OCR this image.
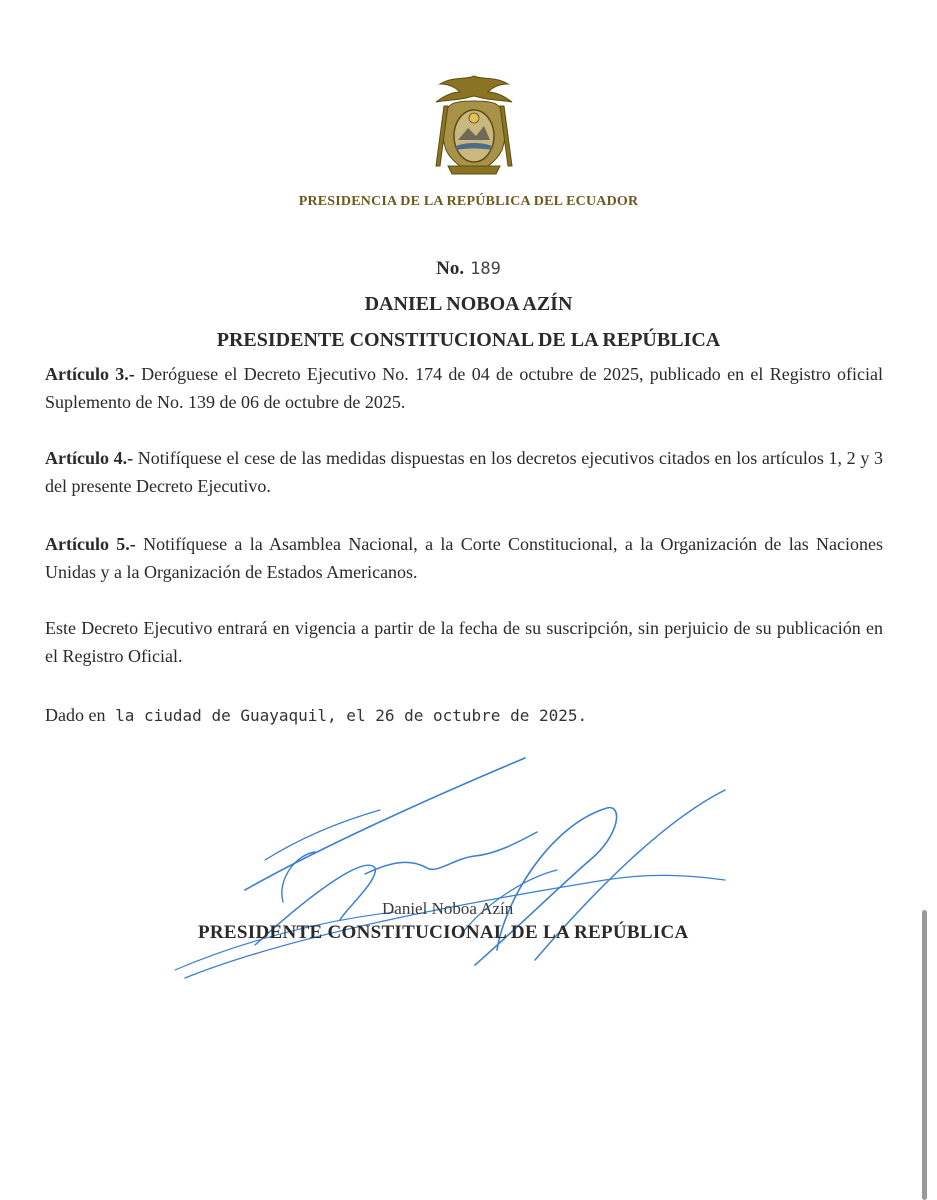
PRESIDENCIA DE LA REPÚBLICA DEL ECUADOR
No. 189
DANIEL NOBOA AZÍN
PRESIDENTE CONSTITUCIONAL DE LA REPÚBLICA
Artículo 3.- Deróguese el Decreto Ejecutivo No. 174 de 04 de octubre de 2025, publicado en el Registro oficial Suplemento de No. 139 de 06 de octubre de 2025.
Artículo 4.- Notifíquese el cese de las medidas dispuestas en los decretos ejecutivos citados en los artículos 1, 2 y 3 del presente Decreto Ejecutivo.
Artículo 5.- Notifíquese a la Asamblea Nacional, a la Corte Constitucional, a la Organización de las Naciones Unidas y a la Organización de Estados Americanos.
Este Decreto Ejecutivo entrará en vigencia a partir de la fecha de su suscripción, sin perjuicio de su publicación en el Registro Oficial.
Dado en la ciudad de Guayaquil, el 26 de octubre de 2025.
Daniel Noboa Azín
PRESIDENTE CONSTITUCIONAL DE LA REPÚBLICA
